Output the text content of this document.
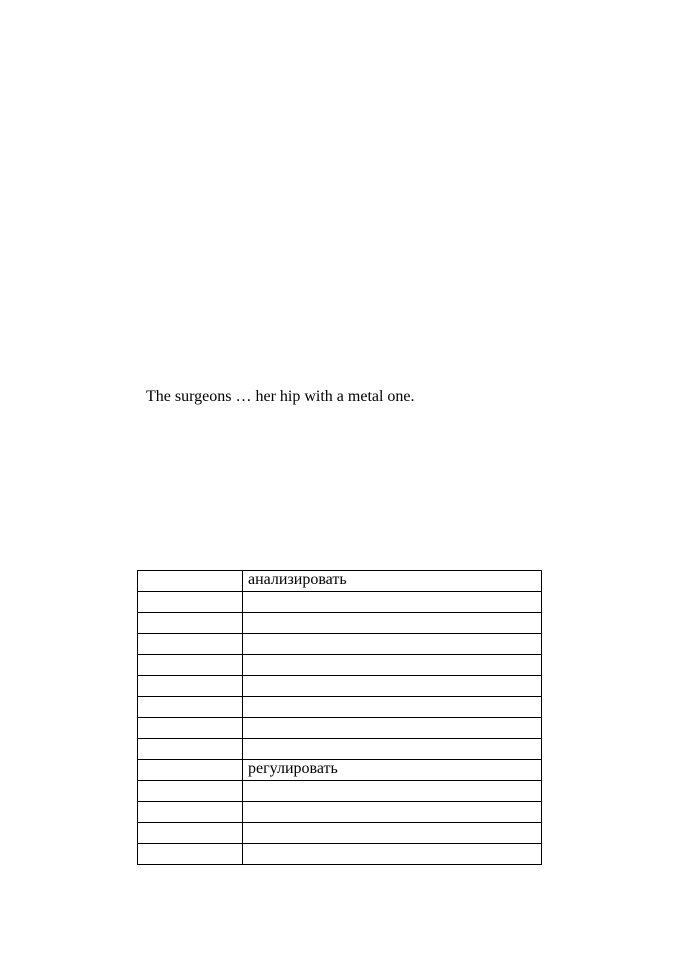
The surgeons … her hip with a metal one.
	анализировать

	регулировать
